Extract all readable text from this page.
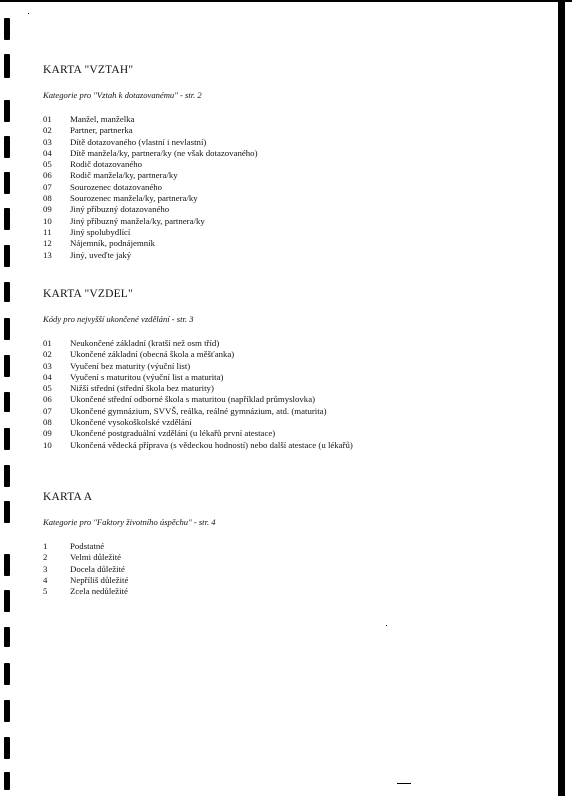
KARTA "VZTAH"

Kategorie pro "Vztah k dotazovanému" - str. 2

01	Manžel, manželka
02	Partner, partnerka
03	Dítě dotazovaného (vlastní i nevlastní)
04	Dítě manžela/ky, partnera/ky (ne však dotazovaného)
05	Rodič dotazovaného
06	Rodič manžela/ky, partnera/ky
07	Sourozenec dotazovaného
08	Sourozenec manžela/ky, partnera/ky
09	Jiný příbuzný dotazovaného
10	Jiný příbuzný manžela/ky, partnera/ky
11	Jiný spolubydlící
12	Nájemník, podnájemník
13	Jiný, uveďte jaký
KARTA "VZDEL"

Kódy pro nejvyšší ukončené vzdělání - str. 3

01	Neukončené základní (kratší než osm tříd)
02	Ukončené základní (obecná škola a měšťanka)
03	Vyučení bez maturity (výuční list)
04	Vyučení s maturitou (výuční list a maturita)
05	Nižší střední (střední škola bez maturity)
06	Ukončené střední odborné škola s maturitou (například průmyslovka)
07	Ukončené gymnázium, SVVŠ, reálka, reálné gymnázium, atd. (maturita)
08	Ukončené vysokoškolské vzdělání
09	Ukončené postgraduální vzdělání (u lékařů první atestace)
10	Ukončená vědecká příprava (s vědeckou hodností) nebo další atestace (u lékařů)
KARTA A

Kategorie pro "Faktory životního úspěchu" - str. 4

1	Podstatné
2	Velmi důležité
3	Docela důležité
4	Nepříliš důležité
5	Zcela nedůležité
